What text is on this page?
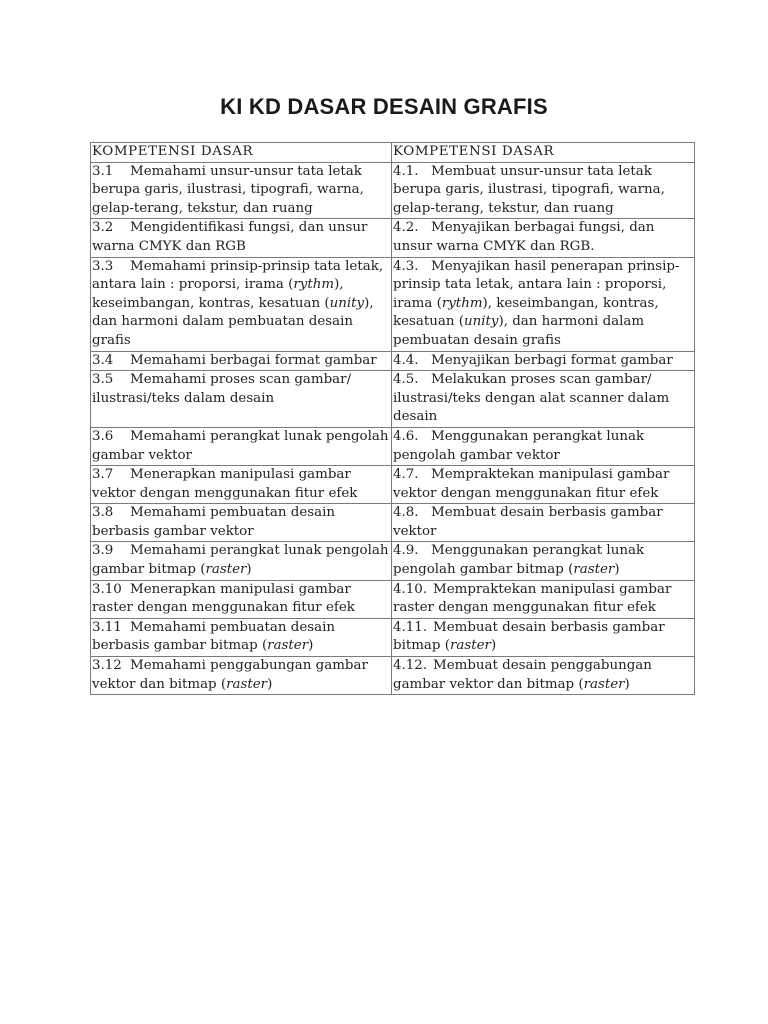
KI KD DASAR DESAIN GRAFIS
KOMPETENSI DASAR	KOMPETENSI DASAR
3.1 Memahami unsur-unsur tata letak berupa garis, ilustrasi, tipografi, warna, gelap-terang, tekstur, dan ruang	4.1. Membuat unsur-unsur tata letak berupa garis, ilustrasi, tipografi, warna, gelap-terang, tekstur, dan ruang
3.2 Mengidentifikasi fungsi, dan unsur warna CMYK dan RGB	4.2. Menyajikan berbagai fungsi, dan unsur warna CMYK dan RGB.
3.3 Memahami prinsip-prinsip tata letak, antara lain : proporsi, irama (rythm), keseimbangan, kontras, kesatuan (unity), dan harmoni dalam pembuatan desain grafis	4.3. Menyajikan hasil penerapan prinsip-prinsip tata letak, antara lain : proporsi, irama (rythm), keseimbangan, kontras, kesatuan (unity), dan harmoni dalam pembuatan desain grafis
3.4 Memahami berbagai format gambar	4.4. Menyajikan berbagi format gambar
3.5 Memahami proses scan gambar/ ilustrasi/teks dalam desain	4.5. Melakukan proses scan gambar/ ilustrasi/teks dengan alat scanner dalam desain
3.6 Memahami perangkat lunak pengolah gambar vektor	4.6. Menggunakan perangkat lunak pengolah gambar vektor
3.7 Menerapkan manipulasi gambar vektor dengan menggunakan fitur efek	4.7. Mempraktekan manipulasi gambar vektor dengan menggunakan fitur efek
3.8 Memahami pembuatan desain berbasis gambar vektor	4.8. Membuat desain berbasis gambar vektor
3.9 Memahami perangkat lunak pengolah gambar bitmap (raster)	4.9. Menggunakan perangkat lunak pengolah gambar bitmap (raster)
3.10 Menerapkan manipulasi gambar raster dengan menggunakan fitur efek	4.10. Mempraktekan manipulasi gambar raster dengan menggunakan fitur efek
3.11 Memahami pembuatan desain berbasis gambar bitmap (raster)	4.11. Membuat desain berbasis gambar bitmap (raster)
3.12 Memahami penggabungan gambar vektor dan bitmap (raster)	4.12. Membuat desain penggabungan gambar vektor dan bitmap (raster)
